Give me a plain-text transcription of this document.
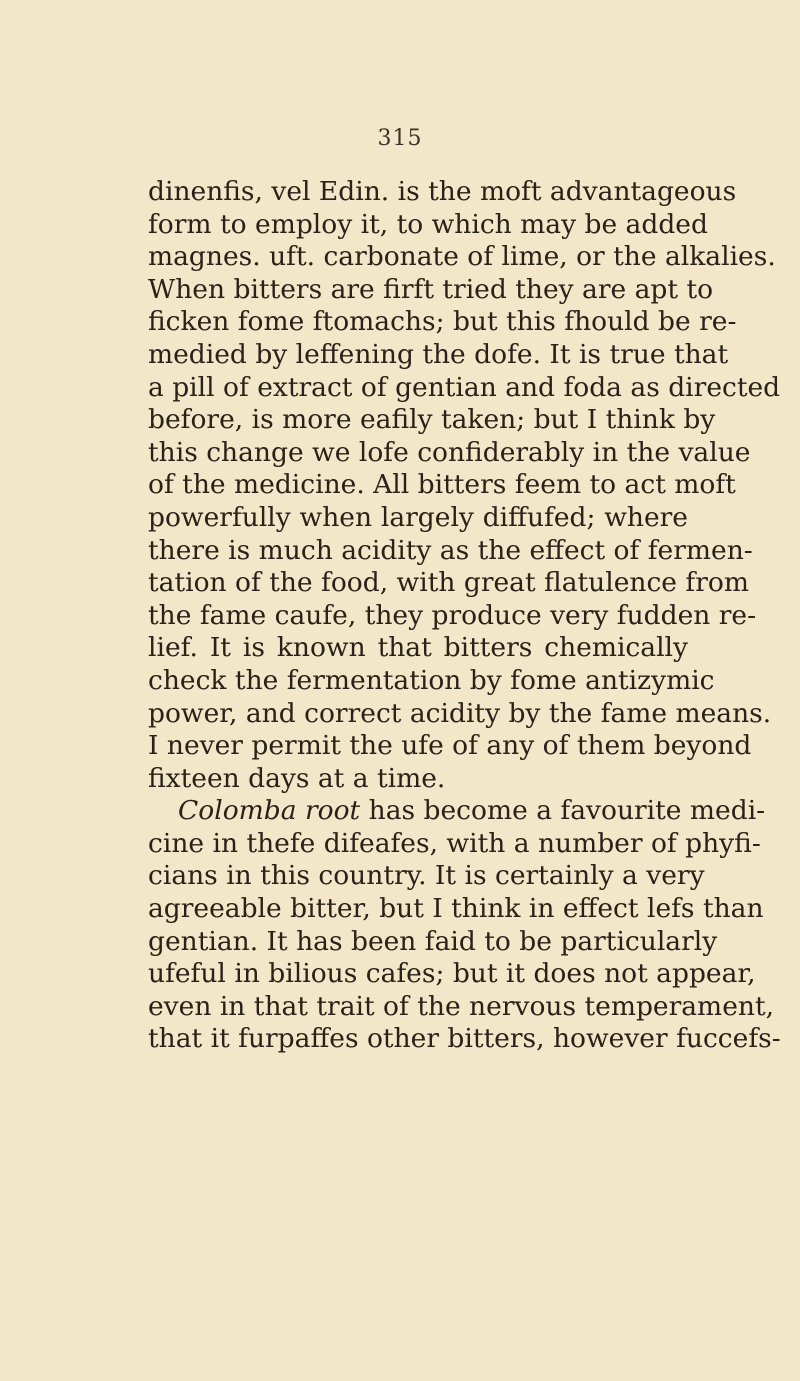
315
dinenfis, vel Edin. is the moft advantageous
form to employ it, to which may be added
magnes. uft. carbonate of lime, or the alkalies.
When bitters are firft tried they are apt to
ficken fome ftomachs; but this fhould be re-
medied by leffening the dofe. It is true that
a pill of extract of gentian and foda as directed
before, is more eafily taken; but I think by
this change we lofe confiderably in the value
of the medicine. All bitters feem to act moft
powerfully when largely diffufed; where
there is much acidity as the effect of fermen-
tation of the food, with great flatulence from
the fame caufe, they produce very fudden re-
lief. It is known that bitters chemically
check the fermentation by fome antizymic
power, and correct acidity by the fame means.
I never permit the ufe of any of them beyond
fixteen days at a time.
Colomba root has become a favourite medi-
cine in thefe difeafes, with a number of phyfi-
cians in this country. It is certainly a very
agreeable bitter, but I think in effect lefs than
gentian. It has been faid to be particularly
ufeful in bilious cafes; but it does not appear,
even in that trait of the nervous temperament,
that it furpaffes other bitters, however fuccefs-
